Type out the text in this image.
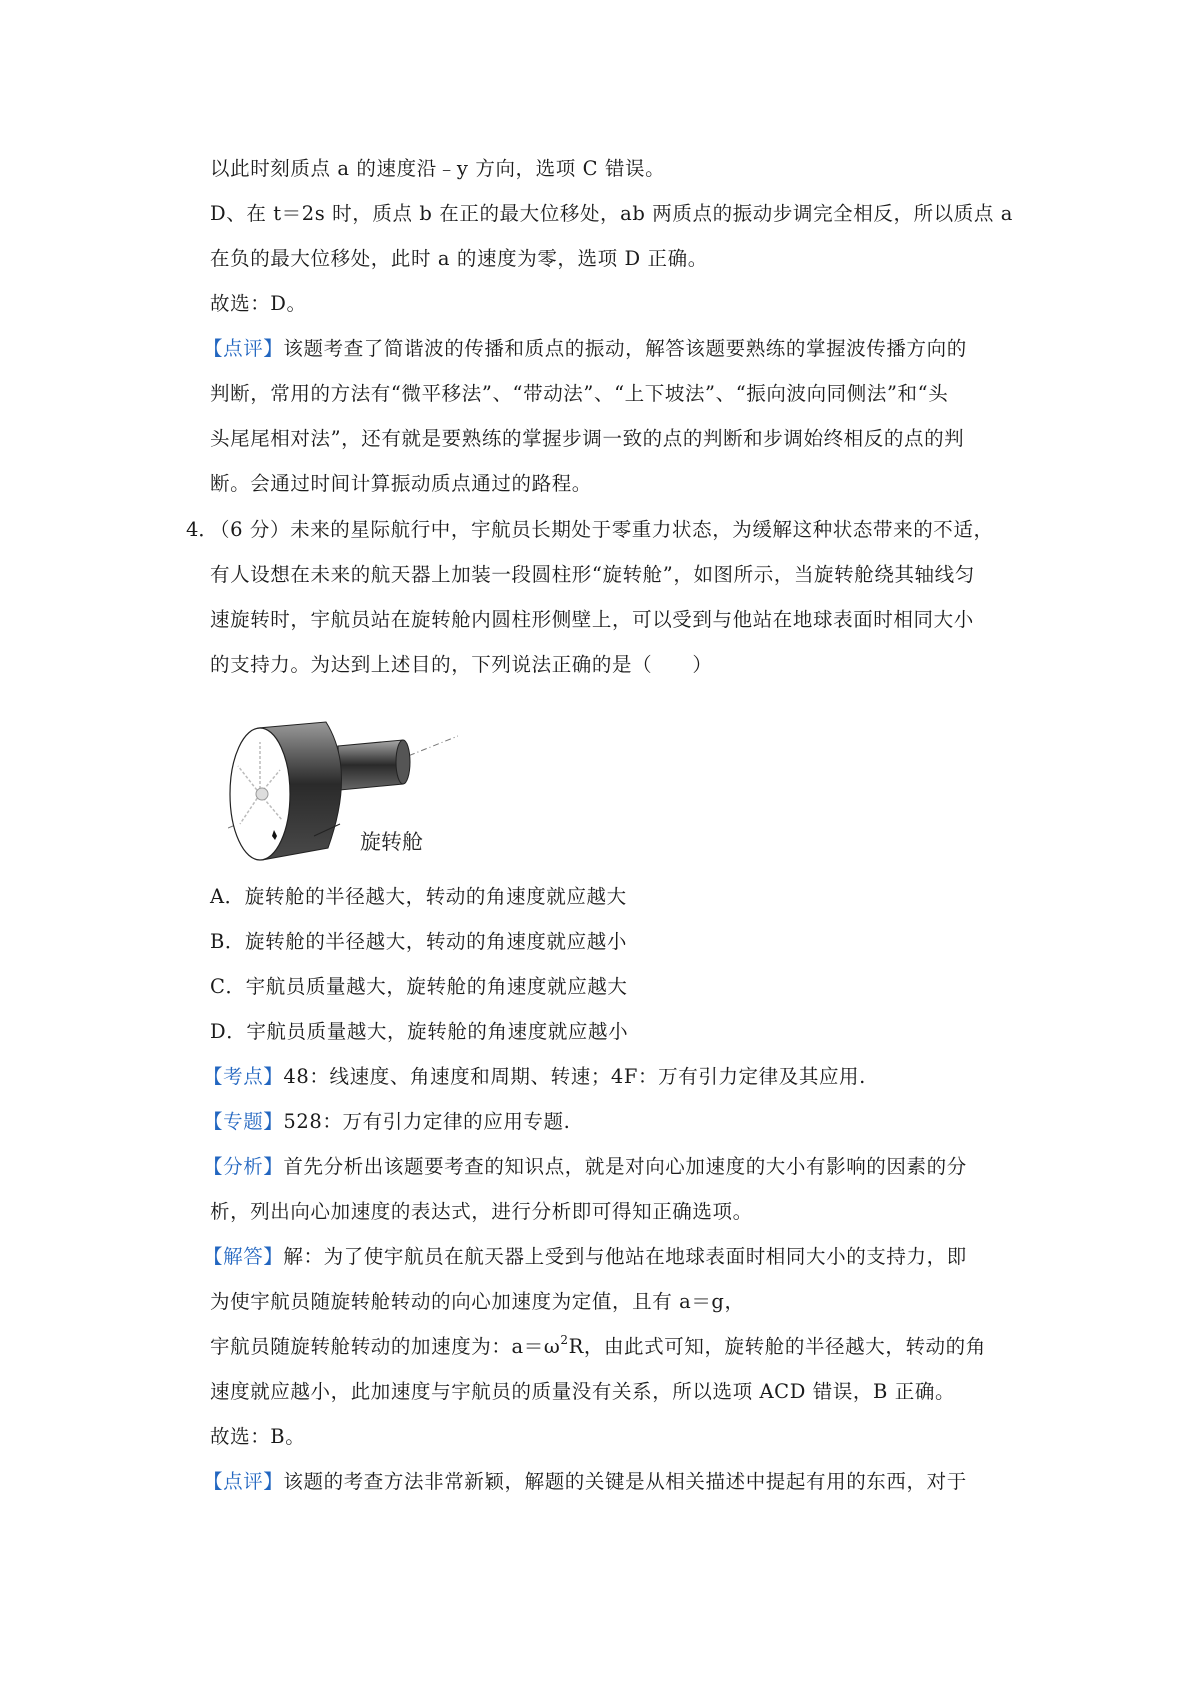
以此时刻质点 a 的速度沿﹣y 方向，选项 C 错误。
D、在 t＝2s 时，质点 b 在正的最大位移处，ab 两质点的振动步调完全相反，所以质点 a
在负的最大位移处，此时 a 的速度为零，选项 D 正确。
故选：D。
【点评】该题考查了简谐波的传播和质点的振动，解答该题要熟练的掌握波传播方向的
判断，常用的方法有“微平移法”、“带动法”、“上下坡法”、“振向波向同侧法”和“头
头尾尾相对法”，还有就是要熟练的掌握步调一致的点的判断和步调始终相反的点的判
断。会通过时间计算振动质点通过的路程。
4．
（6 分）未来的星际航行中，宇航员长期处于零重力状态，为缓解这种状态带来的不适，
有人设想在未来的航天器上加装一段圆柱形“旋转舱”，如图所示，当旋转舱绕其轴线匀
速旋转时，宇航员站在旋转舱内圆柱形侧壁上，可以受到与他站在地球表面时相同大小
的支持力。为达到上述目的，下列说法正确的是（　　）
旋转舱
A．旋转舱的半径越大，转动的角速度就应越大
B．旋转舱的半径越大，转动的角速度就应越小
C．宇航员质量越大，旋转舱的角速度就应越大
D．宇航员质量越大，旋转舱的角速度就应越小
【考点】48：线速度、角速度和周期、转速；4F：万有引力定律及其应用.
【专题】528：万有引力定律的应用专题.
【分析】首先分析出该题要考查的知识点，就是对向心加速度的大小有影响的因素的分
析，列出向心加速度的表达式，进行分析即可得知正确选项。
【解答】解：为了使宇航员在航天器上受到与他站在地球表面时相同大小的支持力，即
为使宇航员随旋转舱转动的向心加速度为定值，且有 a＝g，
宇航员随旋转舱转动的加速度为：$a=\omega^2R$，由此式可知，旋转舱的半径越大，转动的角
速度就应越小，此加速度与宇航员的质量没有关系，所以选项 ACD 错误，B 正确。
故选：B。
【点评】该题的考查方法非常新颖，解题的关键是从相关描述中提起有用的东西，对于
